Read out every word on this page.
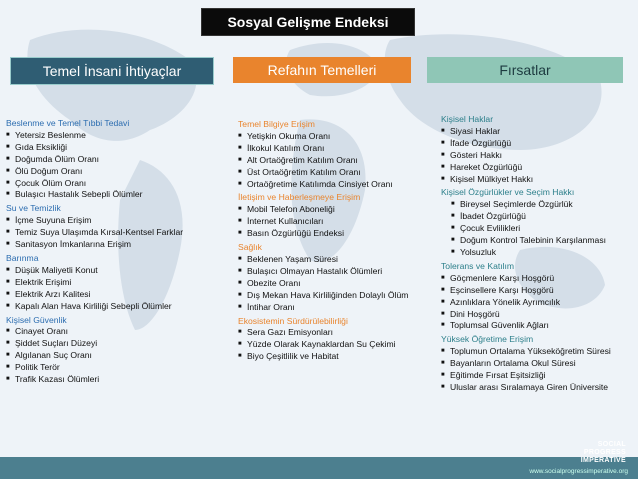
Sosyal Gelişme Endeksi
Temel İnsani İhtiyaçlar	Refahın Temelleri	Fırsatlar
Beslenme ve Temel Tıbbi Tedavi
■ Yetersiz Beslenme
■ Gıda Eksikliği
■ Doğumda Ölüm Oranı
■ Ölü Doğum Oranı
■ Çocuk Ölüm Oranı
■ Bulaşıcı Hastalık Sebepli Ölümler
Su ve Temizlik
■ İçme Suyuna Erişim
■ Temiz Suya Ulaşımda Kırsal-Kentsel Farklar
■ Sanitasyon İmkanlarına Erişim
Barınma
■ Düşük Maliyetli Konut
■ Elektrik Erişimi
■ Elektrik Arzı Kalitesi
■ Kapalı Alan Hava Kirliliği Sebepli Ölümler
Kişisel Güvenlik
■ Cinayet Oranı
■ Şiddet Suçları Düzeyi
■ Algılanan Suç Oranı
■ Politik Terör
■ Trafik Kazası Ölümleri
Temel Bilgiye Erişim
■ Yetişkin Okuma Oranı
■ İlkokul Katılım Oranı
■ Alt Ortaöğretim Katılım Oranı
■ Üst Ortaöğretim Katılım Oranı
■ Ortaöğretime Katılımda Cinsiyet Oranı
İletişim ve Haberleşmeye Erişim
■ Mobil Telefon Aboneliği
■ İnternet Kullanıcıları
■ Basın Özgürlüğü Endeksi
Sağlık
■ Beklenen Yaşam Süresi
■ Bulaşıcı Olmayan Hastalık Ölümleri
■ Obezite Oranı
■ Dış Mekan Hava Kirliliğinden Dolaylı Ölüm
■ İntihar Oranı
Ekosistemin Sürdürülebilirliği
■ Sera Gazı Emisyonları
■ Yüzde Olarak Kaynaklardan Su Çekimi
■ Biyo Çeşitlilik ve Habitat
Kişisel Haklar
■ Siyasi Haklar
■ İfade Özgürlüğü
■ Gösteri Hakkı
■ Hareket Özgürlüğü
■ Kişisel Mülkiyet Hakkı
Kişisel Özgürlükler ve Seçim Hakkı
■ Bireysel Seçimlerde Özgürlük
■ İbadet Özgürlüğü
■ Çocuk Evlilikleri
■ Doğum Kontrol Talebinin Karşılanması
■ Yolsuzluk
Tolerans ve Katılım
■ Göçmenlere Karşı Hoşgörü
■ Eşcinsellere Karşı Hoşgörü
■ Azınlıklara Yönelik Ayrımcılık
■ Dini Hoşgörü
■ Toplumsal Güvenlik Ağları
Yüksek Öğretime Erişim
■ Toplumun Ortalama Yükseköğretim Süresi
■ Bayanların Ortalama Okul Süresi
■ Eğitimde Fırsat Eşitsizliği
■ Uluslar arası Sıralamaya Giren Üniversite
SOCIAL
PROGRESS
IMPERATIVE
www.socialprogressimperative.org
